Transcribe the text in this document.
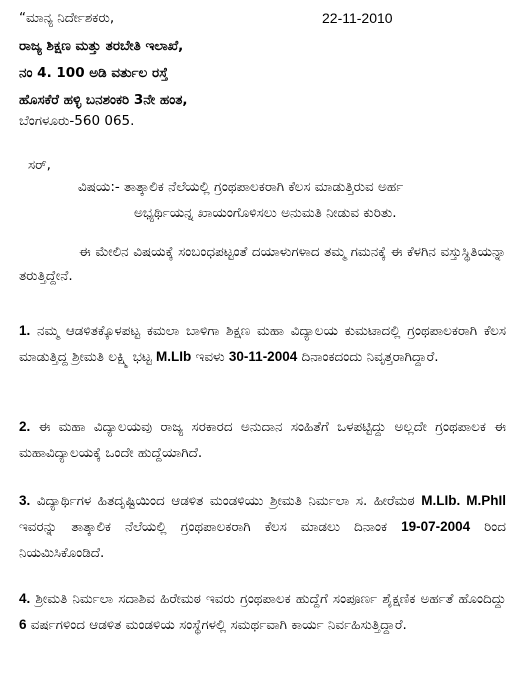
“ಮಾನ್ಯ ನಿರ್ದೇಶಕರು,	22-11-2010
ರಾಜ್ಯ ಶಿಕ್ಷಣ ಮತ್ತು ತರಬೇತಿ ಇಲಾಖೆ,
ನಂ 4. 100 ಅಡಿ ವರ್ತುಲ ರಸ್ತೆ
ಹೊಸಕೆರೆ ಹಳ್ಳಿ ಬನಶಂಕರಿ 3ನೇ ಹಂತ,
ಬೆಂಗಳೂರು-560 065.
ಸರ್,
ವಿಷಯ:- ತಾತ್ಕಾಲಿಕ ನೆಲೆಯಲ್ಲಿ ಗ್ರಂಥಪಾಲಕರಾಗಿ ಕೆಲಸ ಮಾಡುತ್ತಿರುವ ಅರ್ಹ
ಅಭ್ಯರ್ಥಿಯನ್ನ ಖಾಯಂಗೊಳಿಸಲು ಅನುಮತಿ ನೀಡುವ ಕುರಿತು.
ಈ ಮೇಲಿನ ವಿಷಯಕ್ಕೆ ಸಂಬಂಧಪಟ್ಟಂತೆ ದಯಾಳುಗಳಾದ ತಮ್ಮ ಗಮನಕ್ಕೆ ಈ ಕೆಳಗಿನ ವಸ್ತುಸ್ಥಿತಿಯನ್ನಾ ತರುತ್ತಿದ್ದೇನೆ.
1. ನಮ್ಮ ಆಡಳಿತಕ್ಕೊಳಪಟ್ಟ ಕಮಲಾ ಬಾಳಿಗಾ ಶಿಕ್ಷಣ ಮಹಾ ವಿದ್ಯಾಲಯ ಕುಮಟಾದಲ್ಲಿ ಗ್ರಂಥಪಾಲಕರಾಗಿ ಕೆಲಸ ಮಾಡುತ್ತಿದ್ದ ಶ್ರೀಮತಿ ಲಕ್ಷ್ಮಿ ಭಟ್ಟ M.LIb ಇವಳು 30-11-2004 ದಿನಾಂಕದಂದು ನಿವೃತ್ತರಾಗಿದ್ದಾರೆ.
2. ಈ ಮಹಾ ವಿದ್ಯಾಲಯವು ರಾಜ್ಯ ಸರಕಾರದ ಅನುದಾನ ಸಂಹಿತೆಗೆ ಒಳಪಟ್ಟಿದ್ದು ಅಲ್ಲದೇ ಗ್ರಂಥಪಾಲಕ ಈ ಮಹಾವಿದ್ಯಾಲಯಕ್ಕೆ ಒಂದೇ ಹುದ್ದೆಯಾಗಿದೆ.
3. ವಿದ್ಯಾರ್ಥಿಗಳ ಹಿತದೃಷ್ಟಿಯಿಂದ ಆಡಳಿತ ಮಂಡಳಿಯು ಶ್ರೀಮತಿ ನಿರ್ಮಲಾ ಸ. ಹೀರೆಮಠ M.LIb. M.PhIl ಇವರನ್ನು ತಾತ್ಕಾಲಿಕ ನೆಲೆಯಲ್ಲಿ ಗ್ರಂಥಪಾಲಕರಾಗಿ ಕೆಲಸ ಮಾಡಲು ದಿನಾಂಕ 19-07-2004 ರಿಂದ ನಿಯಮಿಸಿಕೊಂಡಿದೆ.
4. ಶ್ರೀಮತಿ ನಿರ್ಮಲಾ ಸದಾಶಿವ ಹಿರೇಮಠ ಇವರು ಗ್ರಂಥಪಾಲಕ ಹುದ್ದೆಗೆ ಸಂಪೂರ್ಣ ಶೈಕ್ಷಣಿಕ ಅರ್ಹತೆ ಹೊಂದಿದ್ದು 6 ವರ್ಷಗಳಿಂದ ಆಡಳಿತ ಮಂಡಳಿಯ ಸಂಸ್ಥೆಗಳಲ್ಲಿ ಸಮರ್ಥವಾಗಿ ಕಾರ್ಯ ನಿರ್ವಹಿಸುತ್ತಿದ್ದಾರೆ.
